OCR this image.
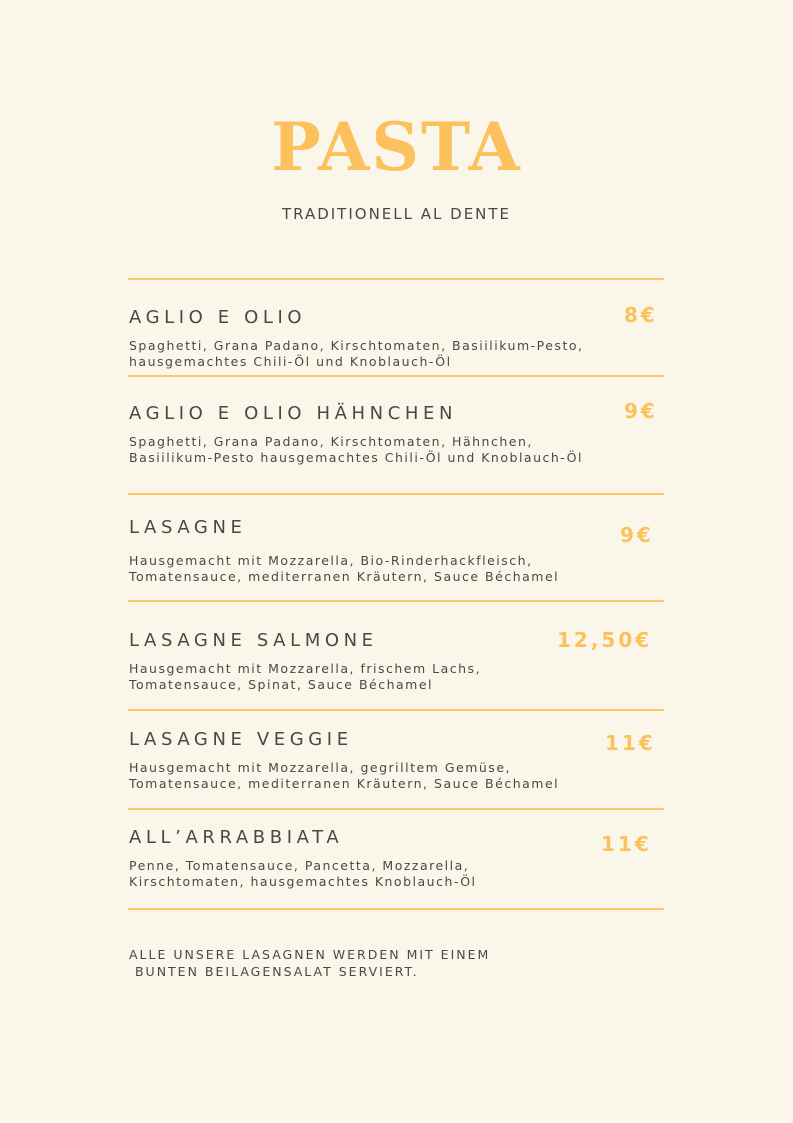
PASTA
TRADITIONELL AL DENTE
AGLIO E OLIO
Spaghetti, Grana Padano, Kirschtomaten, Basiilikum-Pesto, hausgemachtes Chili-Öl und Knoblauch-Öl
8€
AGLIO E OLIO HÄHNCHEN
Spaghetti, Grana Padano, Kirschtomaten, Hähnchen, Basiilikum-Pesto hausgemachtes Chili-Öl und Knoblauch-Öl
9€
LASAGNE
Hausgemacht mit Mozzarella, Bio-Rinderhackfleisch, Tomatensauce, mediterranen Kräutern, Sauce Béchamel
9€
LASAGNE SALMONE
Hausgemacht mit Mozzarella, frischem Lachs, Tomatensauce, Spinat, Sauce Béchamel
12,50€
LASAGNE VEGGIE
Hausgemacht mit Mozzarella, gegrilltem Gemüse, Tomatensauce, mediterranen Kräutern, Sauce Béchamel
11€
ALL’ARRABBIATA
Penne, Tomatensauce, Pancetta, Mozzarella, Kirschtomaten, hausgemachtes Knoblauch-Öl
11€
ALLE UNSERE LASAGNEN WERDEN MIT EINEM
BUNTEN BEILAGENSALAT SERVIERT.
